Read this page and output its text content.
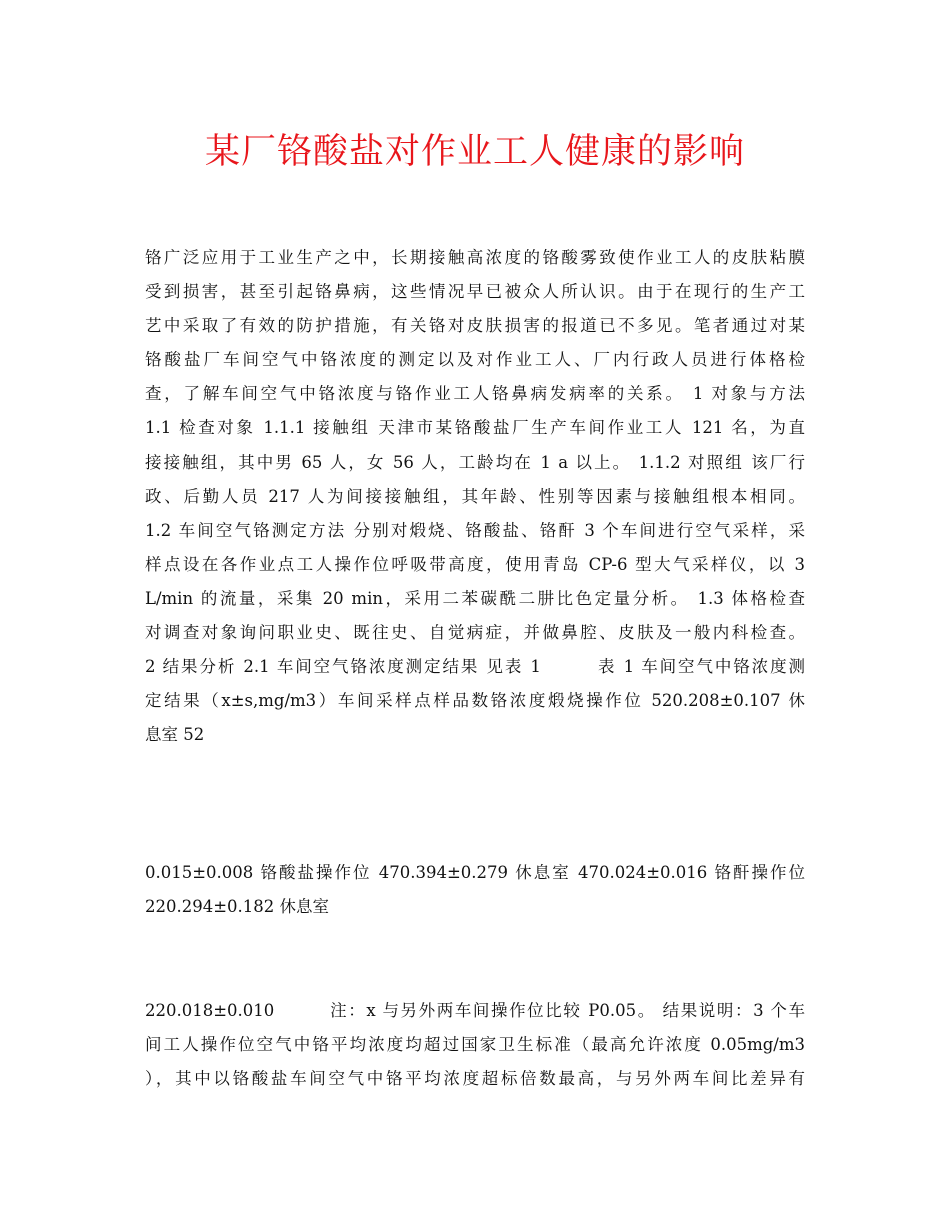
某厂铬酸盐对作业工人健康的影响
铬广泛应用于工业生产之中，长期接触高浓度的铬酸雾致使作业工人的皮肤粘膜
受到损害，甚至引起铬鼻病，这些情况早已被众人所认识。由于在现行的生产工
艺中采取了有效的防护措施，有关铬对皮肤损害的报道已不多见。笔者通过对某
铬酸盐厂车间空气中铬浓度的测定以及对作业工人、厂内行政人员进行体格检
查，了解车间空气中铬浓度与铬作业工人铬鼻病发病率的关系。 1 对象与方法
1.1 检查对象 1.1.1 接触组 天津市某铬酸盐厂生产车间作业工人 121 名，为直
接接触组，其中男 65 人，女 56 人，工龄均在 1 a 以上。 1.1.2 对照组 该厂行
政、后勤人员 217 人为间接接触组，其年龄、性别等因素与接触组根本相同。
1.2 车间空气铬测定方法 分别对煅烧、铬酸盐、铬酐 3 个车间进行空气采样，采
样点设在各作业点工人操作位呼吸带高度，使用青岛 CP-6 型大气采样仪，以 3
L/min 的流量，采集 20 min，采用二苯碳酰二肼比色定量分析。 1.3 体格检查
对调查对象询问职业史、既往史、自觉病症，并做鼻腔、皮肤及一般内科检查。
2 结果分析 2.1 车间空气铬浓度测定结果 见表 1　　　表 1 车间空气中铬浓度测
定结果（x±s,mg/m3）车间采样点样品数铬浓度煅烧操作位 520.208±0.107 休
息室 52
0.015±0.008 铬酸盐操作位 470.394±0.279 休息室 470.024±0.016 铬酐操作位
220.294±0.182 休息室
220.018±0.010　　　注：x 与另外两车间操作位比较 P0.05。 结果说明：3 个车
间工人操作位空气中铬平均浓度均超过国家卫生标准（最高允许浓度 0.05mg/m3
），其中以铬酸盐车间空气中铬平均浓度超标倍数最高，与另外两车间比差异有
